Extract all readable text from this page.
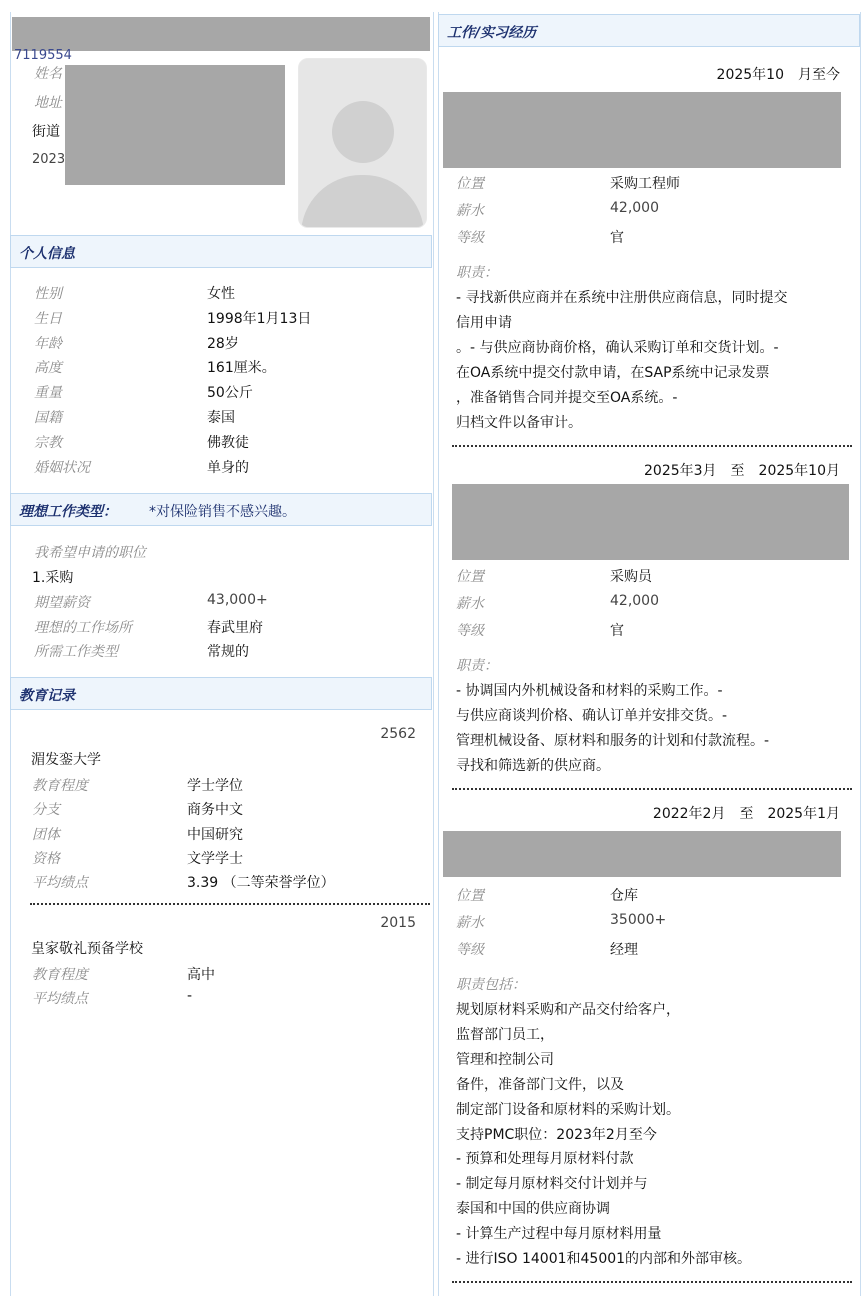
7119554
姓名
地址
街道
2023
个人信息
性别	女性
生日	1998年1月13日
年龄	28岁
高度	161厘米。
重量	50公斤
国籍	泰国
宗教	佛教徒
婚姻状况	单身的
理想工作类型： *对保险销售不感兴趣。
我希望申请的职位
1.采购
期望薪资	43,000+
理想的工作场所	春武里府
所需工作类型	常规的
教育记录
2562
湄发銮大学
教育程度	学士学位
分支	商务中文
团体	中国研究
资格	文学学士
平均绩点	3.39 （二等荣誉学位）
2015
皇家敬礼预备学校
教育程度	高中
平均绩点	-
工作/实习经历
2025年10　月至今
位置	采购工程师
薪水	42,000
等级	官
职责：
- 寻找新供应商并在系统中注册供应商信息，同时提交
信用申请
。- 与供应商协商价格，确认采购订单和交货计划。-
在OA系统中提交付款申请，在SAP系统中记录发票
，准备销售合同并提交至OA系统。-
归档文件以备审计。
2025年3月　至　2025年10月
位置	采购员
薪水	42,000
等级	官
职责：
- 协调国内外机械设备和材料的采购工作。-
与供应商谈判价格、确认订单并安排交货。-
管理机械设备、原材料和服务的计划和付款流程。-
寻找和筛选新的供应商。
2022年2月　至　2025年1月
位置	仓库
薪水	35000+
等级	经理
职责包括：
规划原材料采购和产品交付给客户，
监督部门员工，
管理和控制公司
备件，准备部门文件，以及
制定部门设备和原材料的采购计划。
支持PMC职位：2023年2月至今
- 预算和处理每月原材料付款
- 制定每月原材料交付计划并与
泰国和中国的供应商协调
- 计算生产过程中每月原材料用量
- 进行ISO 14001和45001的内部和外部审核。
